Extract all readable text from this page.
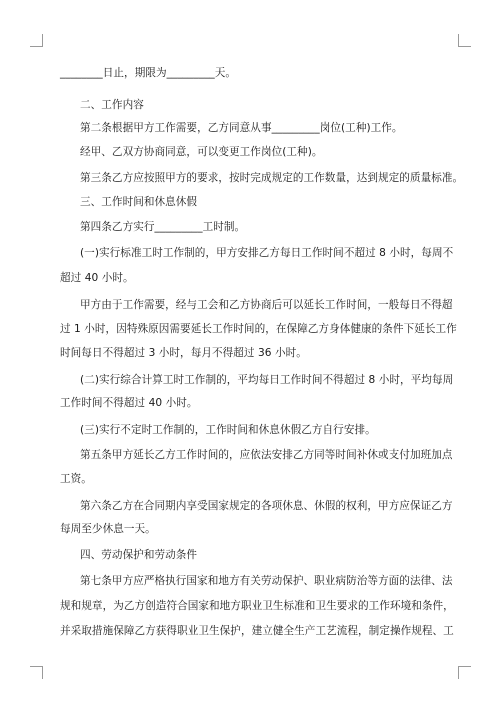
________日止，期限为_________天。
二、工作内容
第二条根据甲方工作需要，乙方同意从事_________岗位(工种)工作。
经甲、乙双方协商同意，可以变更工作岗位(工种)。
第三条乙方应按照甲方的要求，按时完成规定的工作数量，达到规定的质量标准。
三、工作时间和休息休假
第四条乙方实行_________工时制。
(一)实行标准工时工作制的，甲方安排乙方每日工作时间不超过 8 小时，每周不
超过 40 小时。
甲方由于工作需要，经与工会和乙方协商后可以延长工作时间，一般每日不得超
过 1 小时，因特殊原因需要延长工作时间的，在保障乙方身体健康的条件下延长工作
时间每日不得超过 3 小时，每月不得超过 36 小时。
(二)实行综合计算工时工作制的，平均每日工作时间不得超过 8 小时，平均每周
工作时间不得超过 40 小时。
(三)实行不定时工作制的，工作时间和休息休假乙方自行安排。
第五条甲方延长乙方工作时间的，应依法安排乙方同等时间补休或支付加班加点
工资。
第六条乙方在合同期内享受国家规定的各项休息、休假的权利，甲方应保证乙方
每周至少休息一天。
四、劳动保护和劳动条件
第七条甲方应严格执行国家和地方有关劳动保护、职业病防治等方面的法律、法
规和规章，为乙方创造符合国家和地方职业卫生标准和卫生要求的工作环境和条件，
并采取措施保障乙方获得职业卫生保护，建立健全生产工艺流程，制定操作规程、工
